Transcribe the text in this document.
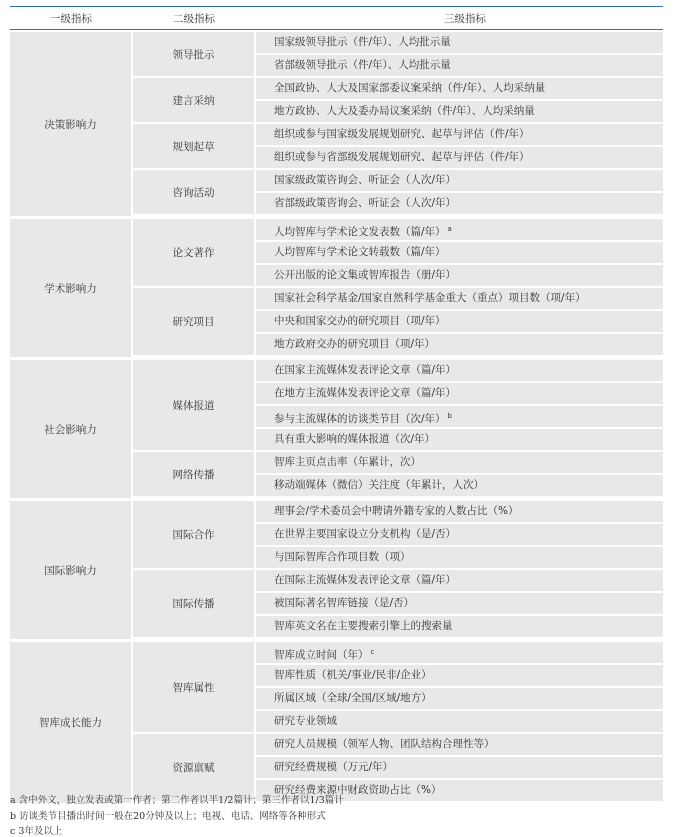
一级指标	二级指标	三级指标
决策影响力
领导批示
国家级领导批示（件/年）、人均批示量
省部级领导批示（件/年）、人均批示量
建言采纳
全国政协、人大及国家部委议案采纳（件/年）、人均采纳量
地方政协、人大及委办局议案采纳（件/年）、人均采纳量
规划起草
组织或参与国家级发展规划研究、起草与评估（件/年）
组织或参与省部级发展规划研究、起草与评估（件/年）
咨询活动
国家级政策咨询会、听证会（人次/年）
省部级政策咨询会、听证会（人次/年）
学术影响力
论文著作
人均智库与学术论文发表数（篇/年） $^a$
人均智库与学术论文转载数（篇/年）
公开出版的论文集或智库报告（册/年）
研究项目
国家社会科学基金/国家自然科学基金重大（重点）项目数（项/年）
中央和国家交办的研究项目（项/年）
地方政府交办的研究项目（项/年）
社会影响力
媒体报道
在国家主流媒体发表评论文章（篇/年）
在地方主流媒体发表评论文章（篇/年）
参与主流媒体的访谈类节目（次/年） $^b$
具有重大影响的媒体报道（次/年）
网络传播
智库主页点击率（年累计，次）
移动端媒体（微信）关注度（年累计，人次）
国际影响力
国际合作
理事会/学术委员会中聘请外籍专家的人数占比（%）
在世界主要国家设立分支机构（是/否）
与国际智库合作项目数（项）
国际传播
在国际主流媒体发表评论文章（篇/年）
被国际著名智库链接（是/否）
智库英文名在主要搜索引擎上的搜索量
智库成长能力
智库属性
智库成立时间（年） $^c$
智库性质（机关/事业/民非/企业）
所属区域（全球/全国/区域/地方）
研究专业领域
资源禀赋
研究人员规模（领军人物、团队结构合理性等）
研究经费规模（万元/年）
研究经费来源中财政资助占比（%）
a 含中外文，独立发表或第一作者；第二作者以半1/2篇计；第三作者以1/3篇计
b 访谈类节目播出时间一般在20分钟及以上；电视、电话、网络等各种形式
c 3年及以上
